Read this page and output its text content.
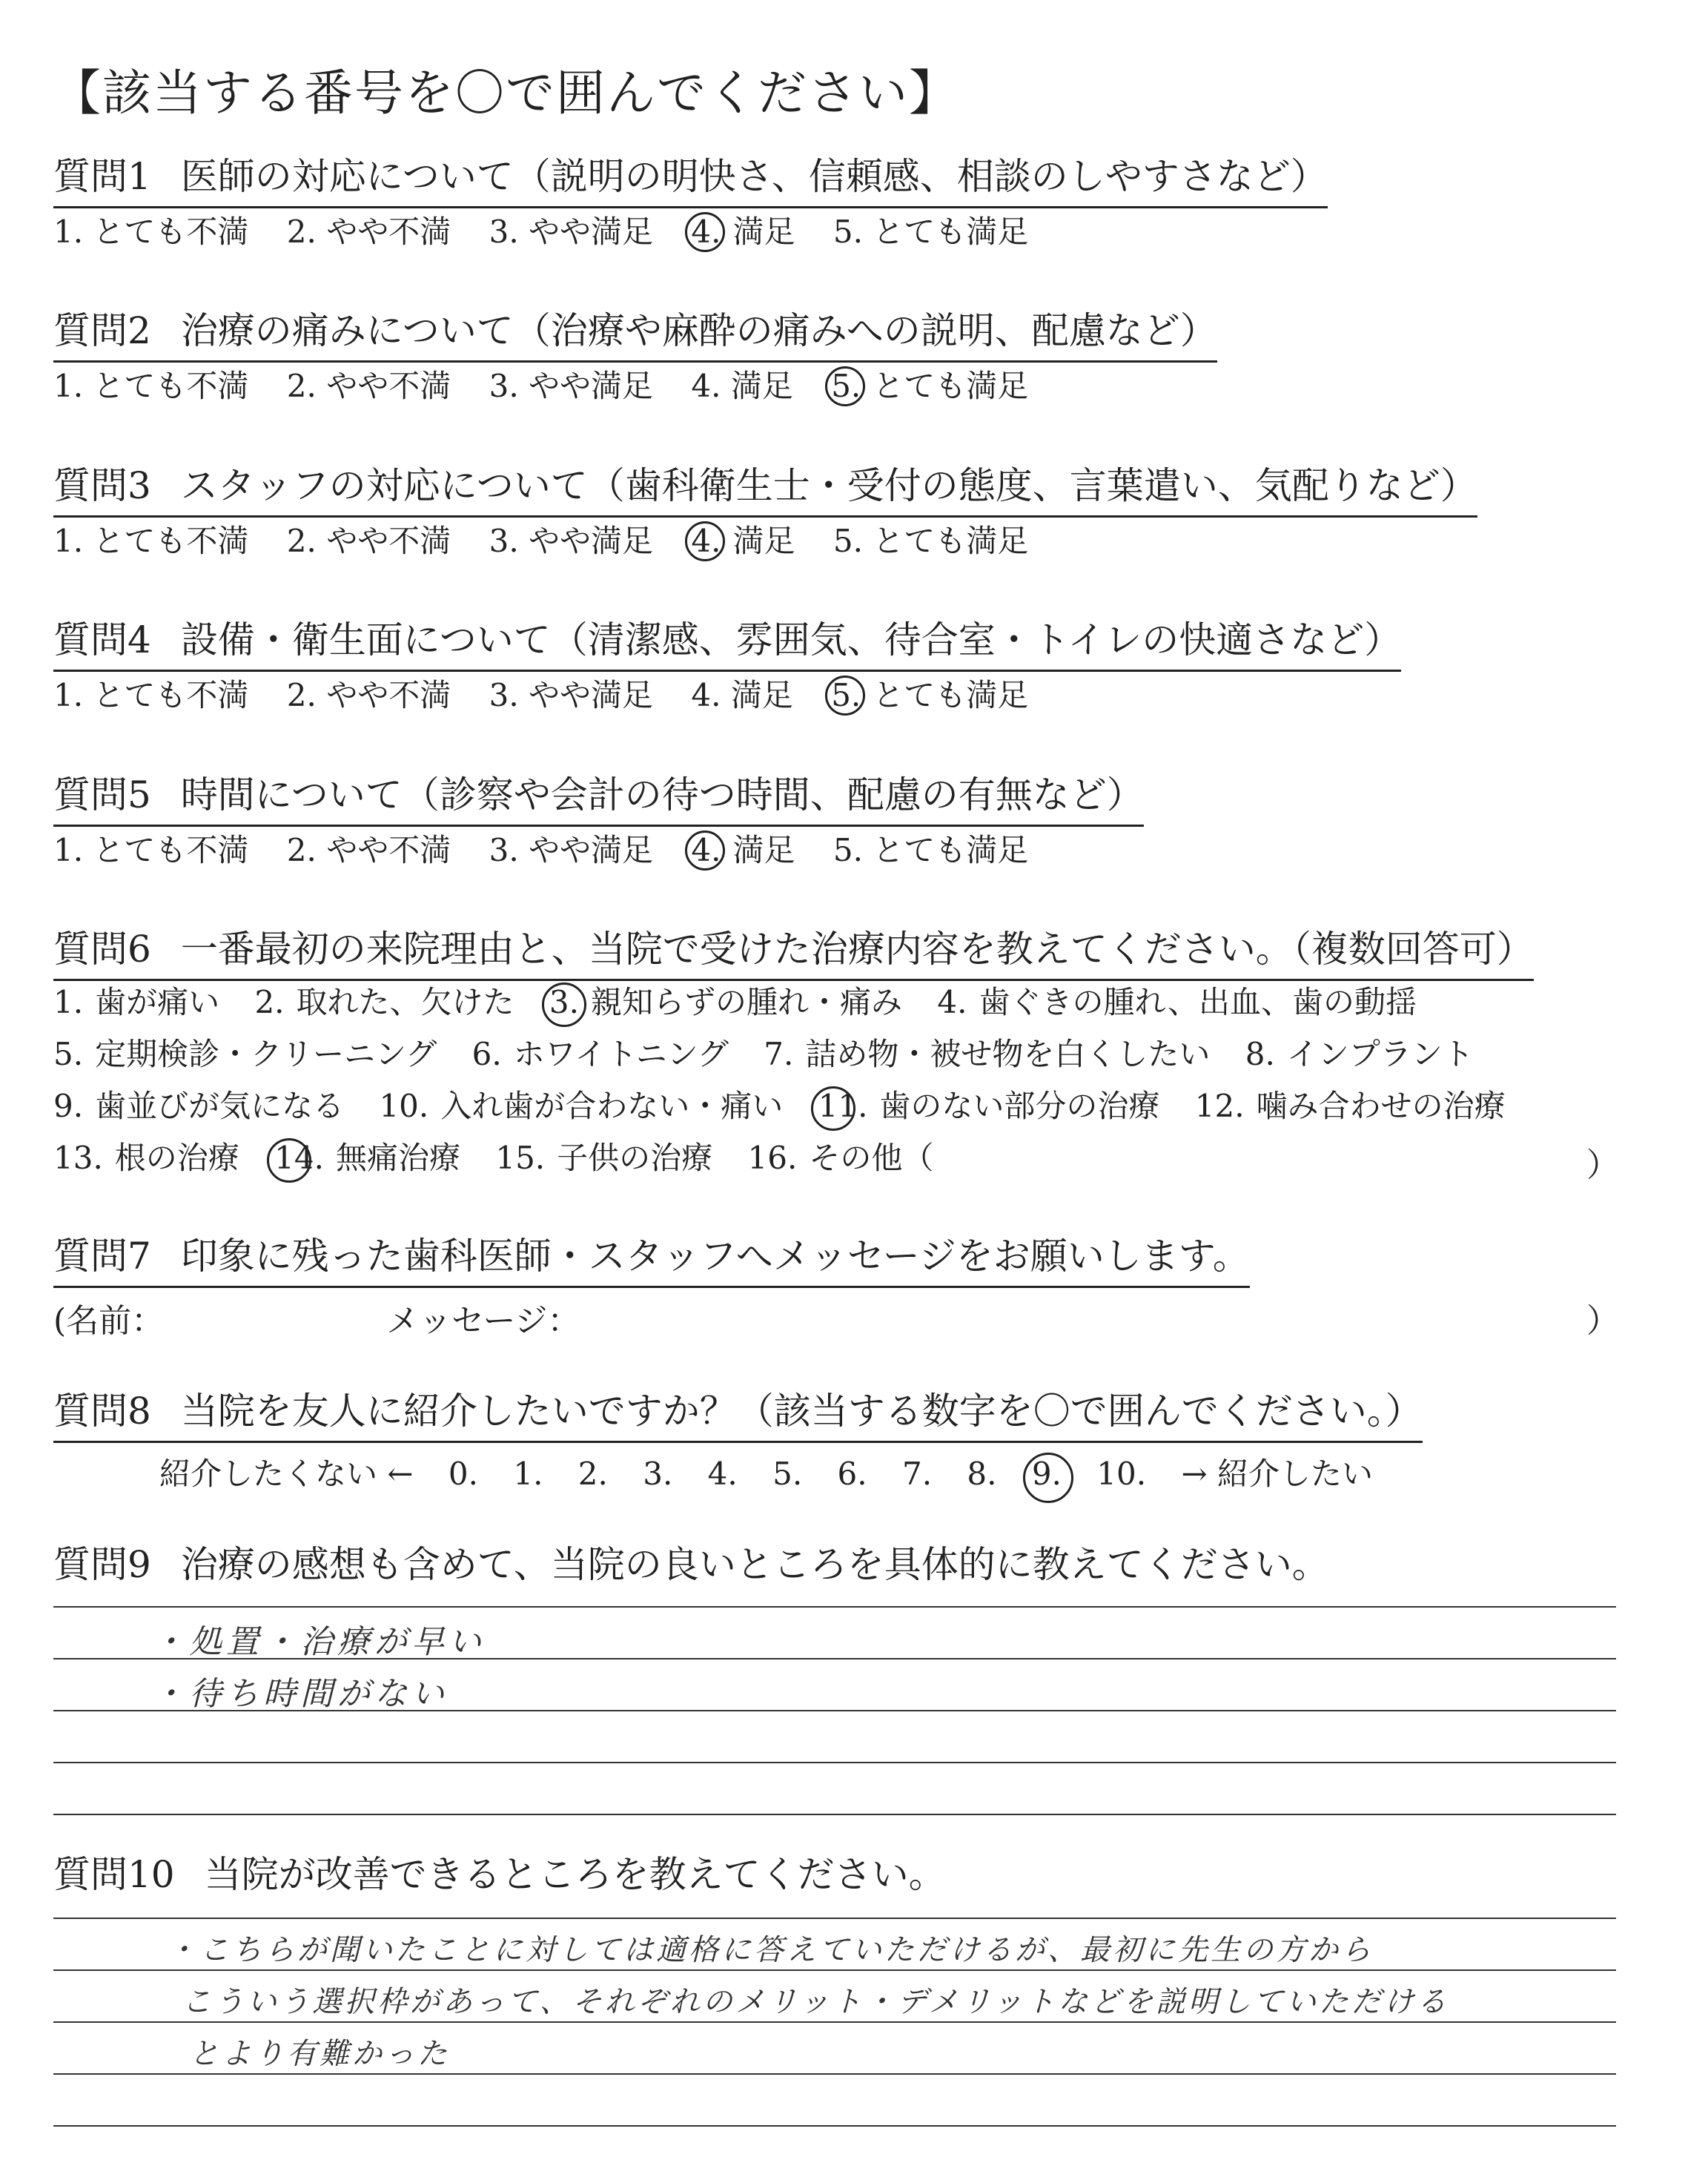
【該当する番号を〇で囲んでください】
質問1 医師の対応について（説明の明快さ、信頼感、相談のしやすさなど）
1. とても不満 2. やや不満 3. やや満足 4. 満足 5. とても満足
質問2 治療の痛みについて（治療や麻酔の痛みへの説明、配慮など）
1. とても不満 2. やや不満 3. やや満足 4. 満足 5. とても満足
質問3 スタッフの対応について（歯科衛生士・受付の態度、言葉遣い、気配りなど）
1. とても不満 2. やや不満 3. やや満足 4. 満足 5. とても満足
質問4 設備・衛生面について（清潔感、雰囲気、待合室・トイレの快適さなど）
1. とても不満 2. やや不満 3. やや満足 4. 満足 5. とても満足
質問5 時間について（診察や会計の待つ時間、配慮の有無など）
1. とても不満 2. やや不満 3. やや満足 4. 満足 5. とても満足
質問6 一番最初の来院理由と、当院で受けた治療内容を教えてください。（複数回答可）
1. 歯が痛い 2. 取れた、欠けた 3. 親知らずの腫れ・痛み 4. 歯ぐきの腫れ、出血、歯の動揺
5. 定期検診・クリーニング 6. ホワイトニング 7. 詰め物・被せ物を白くしたい 8. インプラント
9. 歯並びが気になる 10. 入れ歯が合わない・痛い 11. 歯のない部分の治療 12. 噛み合わせの治療
13. 根の治療 14. 無痛治療 15. 子供の治療 16. その他（	）
質問7 印象に残った歯科医師・スタッフへメッセージをお願いします。
(名前：	メッセージ：	）
質問8 当院を友人に紹介したいですか？（該当する数字を〇で囲んでください。）
紹介したくない ← 0. 1. 2. 3. 4. 5. 6. 7. 8. 9. 10. → 紹介したい
質問9 治療の感想も含めて、当院の良いところを具体的に教えてください。
・処置・治療が早い
・待ち時間がない
質問10 当院が改善できるところを教えてください。
・こちらが聞いたことに対しては適格に答えていただけるが、最初に先生の方から
こういう選択枠があって、それぞれのメリット・デメリットなどを説明していただける
とより有難かった
